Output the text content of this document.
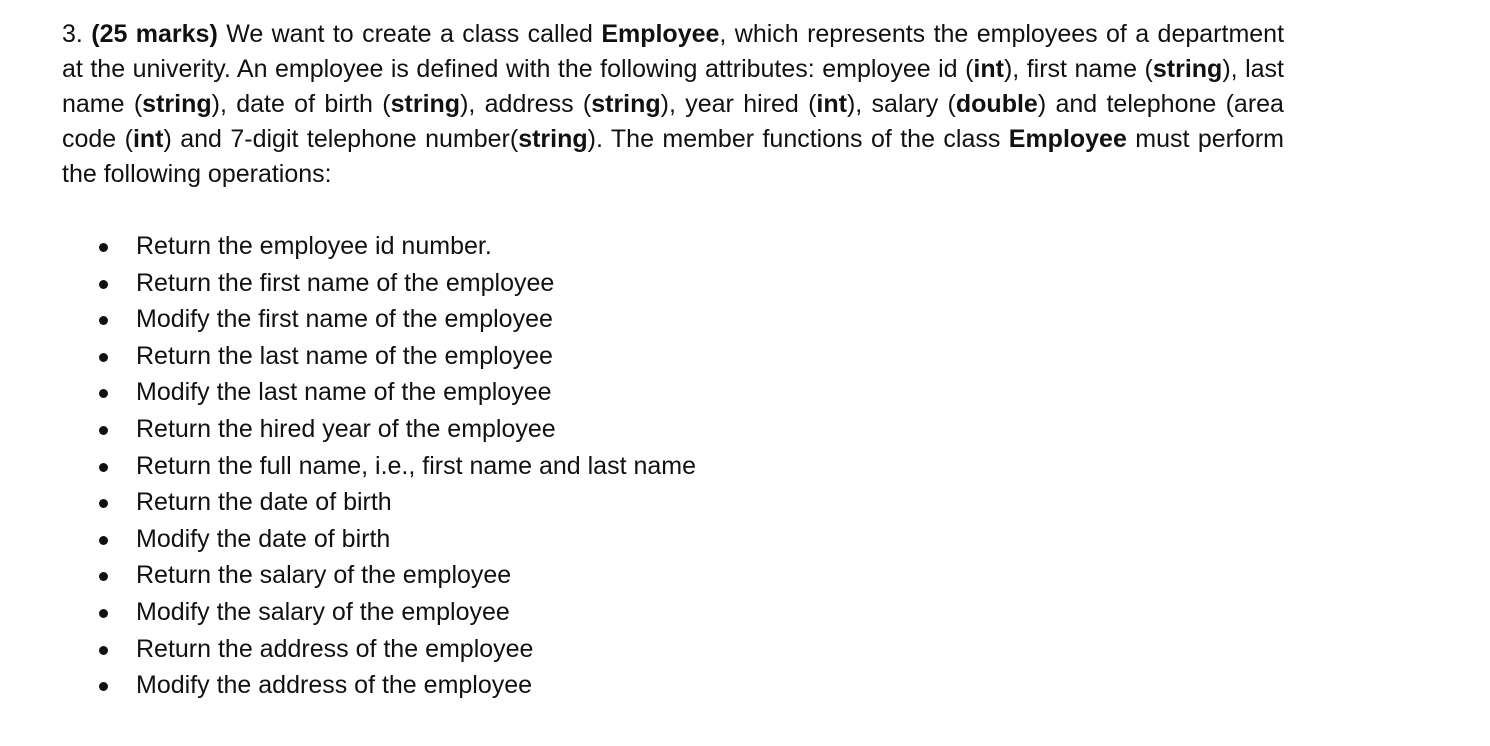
3. (25 marks) We want to create a class called Employee, which represents the employees of a department at the univerity. An employee is defined with the following attributes: employee id (int), first name (string), last name (string), date of birth (string), address (string), year hired (int), salary (double) and telephone (area code (int) and 7-digit telephone number(string). The member functions of the class Employee must perform the following operations:

Return the employee id number.
Return the first name of the employee
Modify the first name of the employee
Return the last name of the employee
Modify the last name of the employee
Return the hired year of the employee
Return the full name, i.e., first name and last name
Return the date of birth
Modify the date of birth
Return the salary of the employee
Modify the salary of the employee
Return the address of the employee
Modify the address of the employee
